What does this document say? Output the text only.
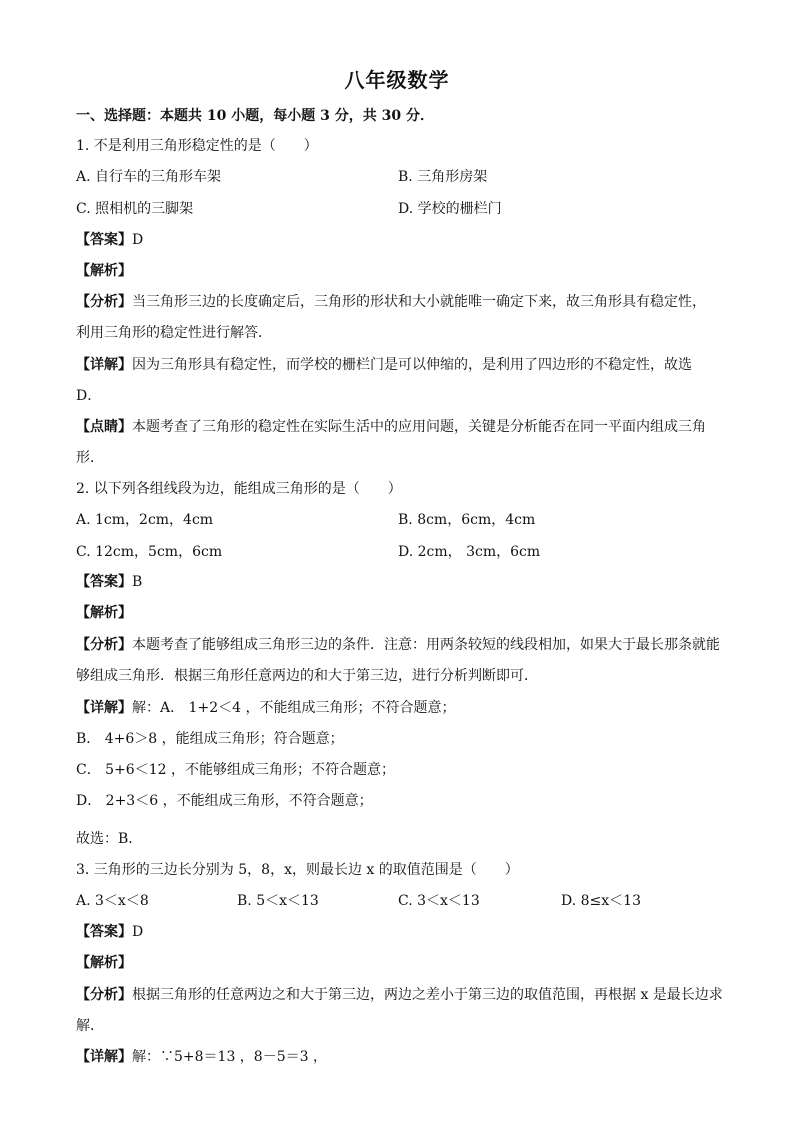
八年级数学
一、选择题：本题共 10 小题，每小题 3 分，共 30 分．
1. 不是利用三角形稳定性的是（　　）
A. 自行车的三角形车架	B. 三角形房架
C. 照相机的三脚架	D. 学校的栅栏门
【答案】D
【解析】
【分析】当三角形三边的长度确定后，三角形的形状和大小就能唯一确定下来，故三角形具有稳定性，
利用三角形的稳定性进行解答．
【详解】因为三角形具有稳定性，而学校的栅栏门是可以伸缩的，是利用了四边形的不稳定性，故选
D．
【点睛】本题考查了三角形的稳定性在实际生活中的应用问题，关键是分析能否在同一平面内组成三角
形．
2. 以下列各组线段为边，能组成三角形的是（　　）
A. 1cm，2cm，4cm	B. 8cm，6cm，4cm
C. 12cm，5cm，6cm	D. 2cm， 3cm，6cm
【答案】B
【解析】
【分析】本题考查了能够组成三角形三边的条件．注意：用两条较短的线段相加，如果大于最长那条就能
够组成三角形．根据三角形任意两边的和大于第三边，进行分析判断即可．
【详解】解：A． 1+2＜4 ，不能组成三角形；不符合题意；
B． 4+6＞8 ，能组成三角形；符合题意；
C． 5+6＜12 ，不能够组成三角形；不符合题意；
D． 2+3＜6 ，不能组成三角形，不符合题意；
故选：B．
3. 三角形的三边长分别为 5，8，x，则最长边 x 的取值范围是（　　）
A. 3＜x＜8	B. 5＜x＜13	C. 3＜x＜13	D. 8≤x＜13
【答案】D
【解析】
【分析】根据三角形的任意两边之和大于第三边，两边之差小于第三边的取值范围，再根据 x 是最长边求
解．
【详解】解：∵5+8＝13 ，8－5＝3 ，
